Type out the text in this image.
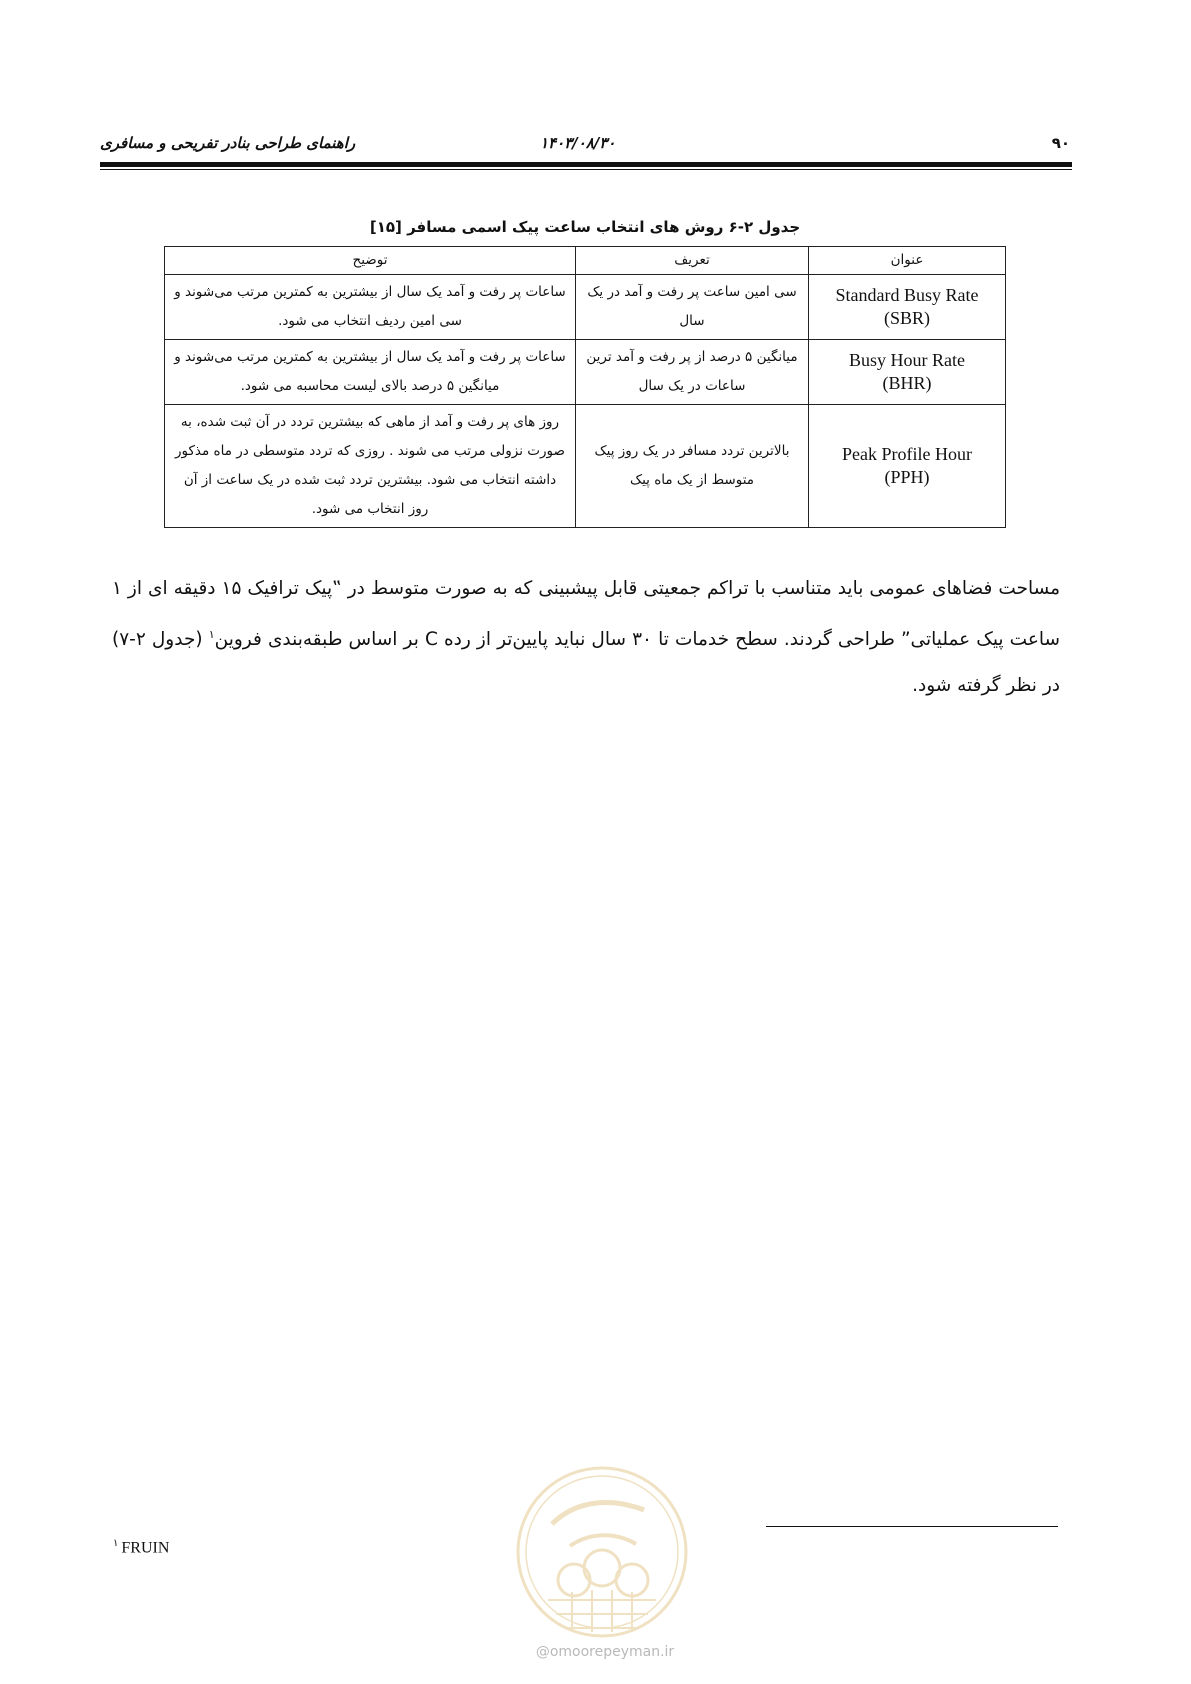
۹۰
۱۴۰۳/۰۸/۳۰
راهنمای طراحی بنادر تفریحی و مسافری
جدول ۲-۶ روش های انتخاب ساعت پیک اسمی مسافر [۱۵]
عنوان	تعریف	توضیح

Standard Busy Rate
(SBR)	سی امین ساعت پر رفت و آمد در یک سال	ساعات پر رفت و آمد یک سال از بیشترین به کمترین مرتب می‌شوند و سی امین ردیف انتخاب می شود.

Busy Hour Rate
(BHR)	میانگین ۵ درصد از پر رفت و آمد ترین ساعات در یک سال	ساعات پر رفت و آمد یک سال از بیشترین به کمترین مرتب می‌شوند و میانگین ۵ درصد بالای لیست محاسبه می شود.

Peak Profile Hour
(PPH)	بالاترین تردد مسافر در یک روز پیک متوسط از یک ماه پیک	روز های پر رفت و آمد از ماهی که بیشترین تردد در آن ثبت شده، به صورت نزولی مرتب می شوند . روزی که تردد متوسطی در ماه مذکور داشته انتخاب می شود. بیشترین تردد ثبت شده در یک ساعت از آن روز انتخاب می شود.
مساحت فضاهای عمومی باید متناسب با تراکم جمعیتی قابل پیشبینی که به صورت متوسط در ‟پیک ترافیک ۱۵ دقیقه ای از ۱ ساعت پیک عملیاتی” طراحی گردند. سطح خدمات تا ۳۰ سال نباید پایین‌تر از رده C بر اساس طبقه‌بندی فروین$^۱$ (جدول ۲-۷) در نظر گرفته شود.
$^۱$ FRUIN
@omoorepeyman.ir
